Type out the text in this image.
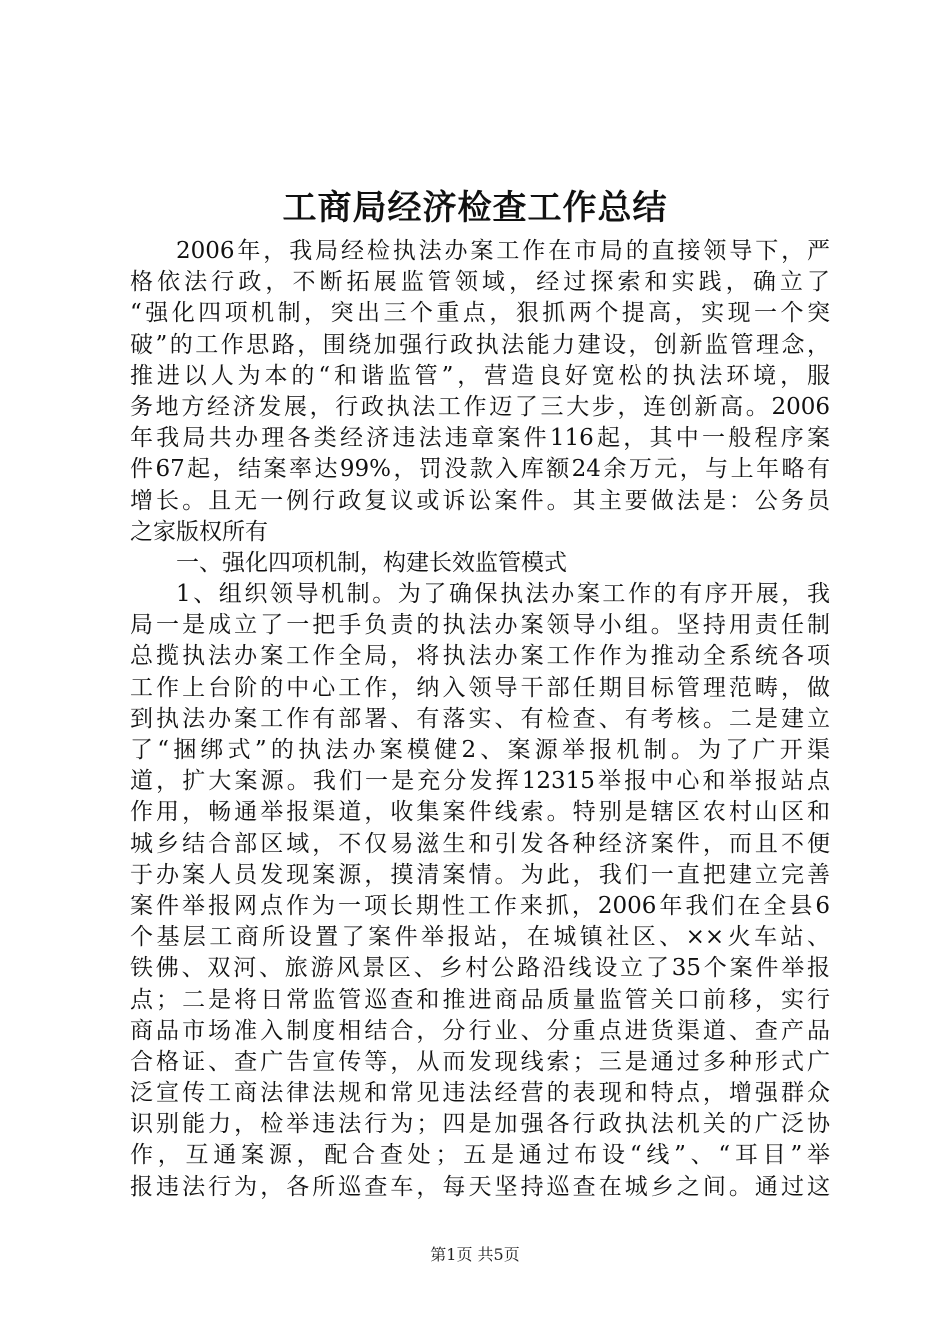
工商局经济检查工作总结
2006年，我局经检执法办案工作在市局的直接领导下，严
格依法行政，不断拓展监管领域，经过探索和实践，确立了
“强化四项机制，突出三个重点，狠抓两个提高，实现一个突
破”的工作思路，围绕加强行政执法能力建设，创新监管理念，
推进以人为本的“和谐监管”，营造良好宽松的执法环境，服
务地方经济发展，行政执法工作迈了三大步，连创新高。2006
年我局共办理各类经济违法违章案件116起，其中一般程序案
件67起，结案率达99%，罚没款入库额24余万元，与上年略有
增长。且无一例行政复议或诉讼案件。其主要做法是：公务员
之家版权所有
一、强化四项机制，构建长效监管模式
1、组织领导机制。为了确保执法办案工作的有序开展，我
局一是成立了一把手负责的执法办案领导小组。坚持用责任制
总揽执法办案工作全局，将执法办案工作作为推动全系统各项
工作上台阶的中心工作，纳入领导干部任期目标管理范畴，做
到执法办案工作有部署、有落实、有检查、有考核。二是建立
了“捆绑式”的执法办案模健2、案源举报机制。为了广开渠
道，扩大案源。我们一是充分发挥12315举报中心和举报站点
作用，畅通举报渠道，收集案件线索。特别是辖区农村山区和
城乡结合部区域，不仅易滋生和引发各种经济案件，而且不便
于办案人员发现案源，摸清案情。为此，我们一直把建立完善
案件举报网点作为一项长期性工作来抓，2006年我们在全县6
个基层工商所设置了案件举报站，在城镇社区、××火车站、
铁佛、双河、旅游风景区、乡村公路沿线设立了35个案件举报
点；二是将日常监管巡查和推进商品质量监管关口前移，实行
商品市场准入制度相结合，分行业、分重点进货渠道、查产品
合格证、查广告宣传等，从而发现线索；三是通过多种形式广
泛宣传工商法律法规和常见违法经营的表现和特点，增强群众
识别能力，检举违法行为；四是加强各行政执法机关的广泛协
作，互通案源，配合查处；五是通过布设“线”、“耳目”举
报违法行为，各所巡查车，每天坚持巡查在城乡之间。通过这
第1页 共5页
